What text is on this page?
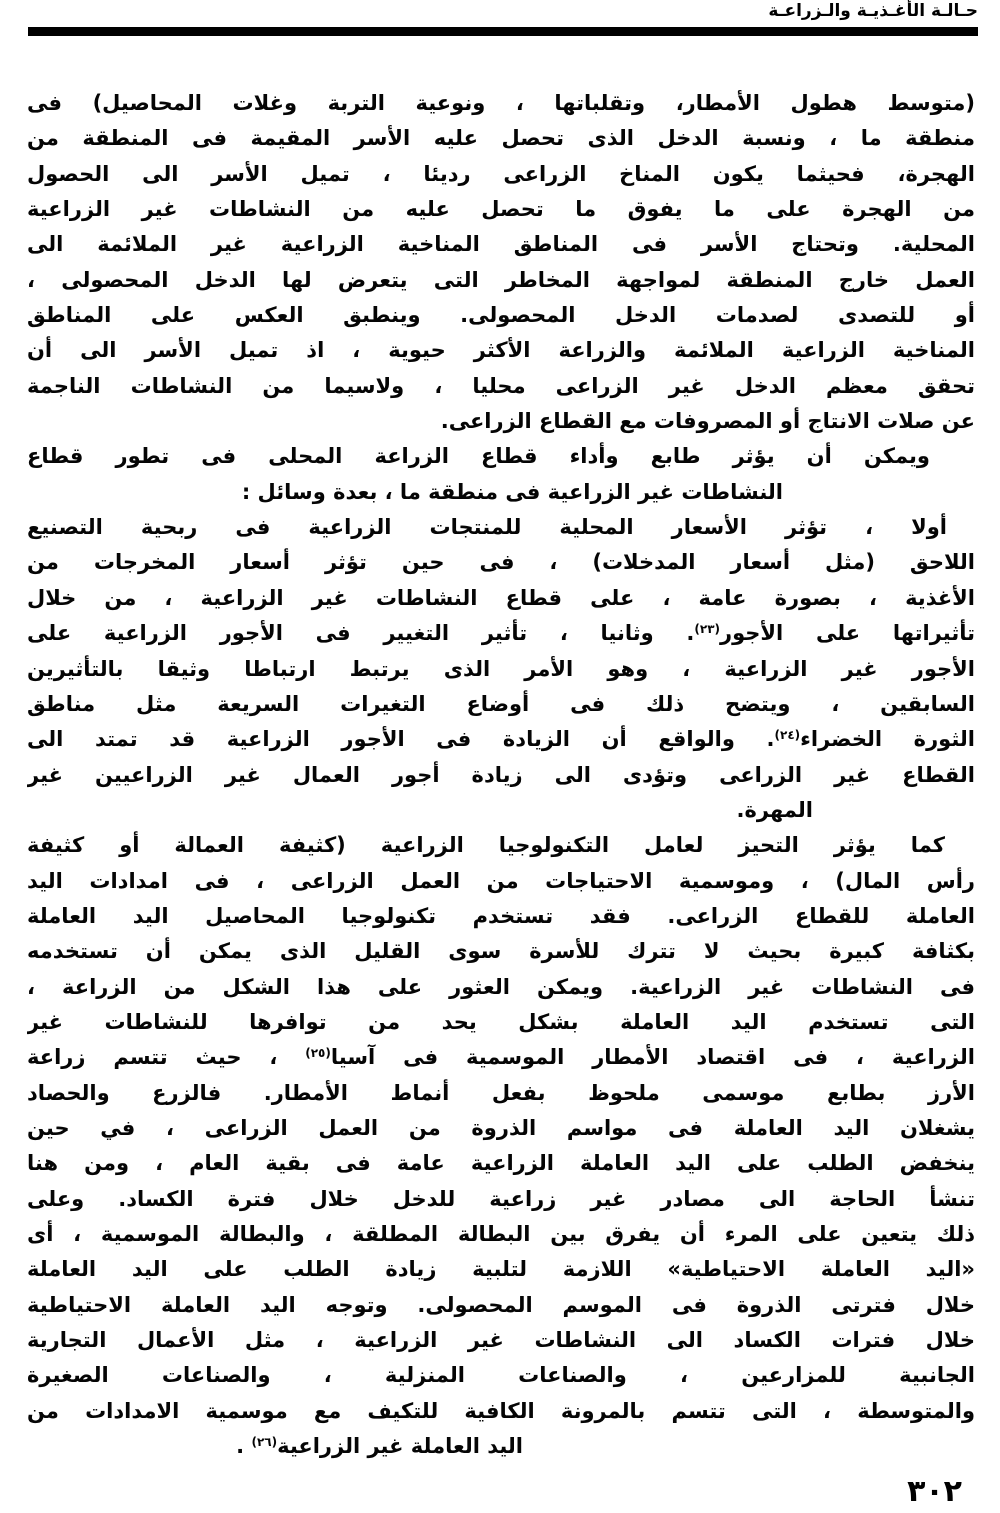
حـالـة الأغـذيـة والـزراعـة
(متوسط هطول الأمطار، وتقلباتها ، ونوعية التربة وغلات المحاصيل) فى
منطقة ما ، ونسبة الدخل الذى تحصل عليه الأسر المقيمة فى المنطقة من
الهجرة، فحيثما يكون المناخ الزراعى رديئا ، تميل الأسر الى الحصول
من الهجرة على ما يفوق ما تحصل عليه من النشاطات غير الزراعية
المحلية. وتحتاج الأسر فى المناطق المناخية الزراعية غير الملائمة الى
العمل خارج المنطقة لمواجهة المخاطر التى يتعرض لها الدخل المحصولى ،
أو للتصدى لصدمات الدخل المحصولى. وينطبق العكس على المناطق
المناخية الزراعية الملائمة والزراعة الأكثر حيوية ، اذ تميل الأسر الى أن
تحقق معظم الدخل غير الزراعى محليا ، ولاسيما من النشاطات الناجمة
عن صلات الانتاج أو المصروفات مع القطاع الزراعى.
ويمكن أن يؤثر طابع وأداء قطاع الزراعة المحلى فى تطور قطاع
النشاطات غير الزراعية فى منطقة ما ، بعدة وسائل :
أولا ، تؤثر الأسعار المحلية للمنتجات الزراعية فى ربحية التصنيع
اللاحق (مثل أسعار المدخلات) ، فى حين تؤثر أسعار المخرجات من
الأغذية ، بصورة عامة ، على قطاع النشاطات غير الزراعية ، من خلال
تأثيراتها على الأجور$^{(٢٣)}$. وثانيا ، تأثير التغيير فى الأجور الزراعية على
الأجور غير الزراعية ، وهو الأمر الذى يرتبط ارتباطا وثيقا بالتأثيرين
السابقين ، ويتضح ذلك فى أوضاع التغيرات السريعة مثل مناطق
الثورة الخضراء$^{(٢٤)}$. والواقع أن الزيادة فى الأجور الزراعية قد تمتد الى
القطاع غير الزراعى وتؤدى الى زيادة أجور العمال غير الزراعيين غير
المهرة.
كما يؤثر التحيز لعامل التكنولوجيا الزراعية (كثيفة العمالة أو كثيفة
رأس المال) ، وموسمية الاحتياجات من العمل الزراعى ، فى امدادات اليد
العاملة للقطاع الزراعى. فقد تستخدم تكنولوجيا المحاصيل اليد العاملة
بكثافة كبيرة بحيث لا تترك للأسرة سوى القليل الذى يمكن أن تستخدمه
فى النشاطات غير الزراعية. ويمكن العثور على هذا الشكل من الزراعة ،
التى تستخدم اليد العاملة بشكل يحد من توافرها للنشاطات غير
الزراعية ، فى اقتصاد الأمطار الموسمية فى آسيا$^{(٢٥)}$ ، حيث تتسم زراعة
الأرز بطابع موسمى ملحوظ بفعل أنماط الأمطار. فالزرع والحصاد
يشغلان اليد العاملة فى مواسم الذروة من العمل الزراعى ، في حين
ينخفض الطلب على اليد العاملة الزراعية عامة فى بقية العام ، ومن هنا
تنشأ الحاجة الى مصادر غير زراعية للدخل خلال فترة الكساد. وعلى
ذلك يتعين على المرء أن يفرق بين البطالة المطلقة ، والبطالة الموسمية ، أى
«اليد العاملة الاحتياطية» اللازمة لتلبية زيادة الطلب على اليد العاملة
خلال فترتى الذروة فى الموسم المحصولى. وتوجه اليد العاملة الاحتياطية
خلال فترات الكساد الى النشاطات غير الزراعية ، مثل الأعمال التجارية
الجانبية للمزارعين ، والصناعات المنزلية ، والصناعات الصغيرة
والمتوسطة ، التى تتسم بالمرونة الكافية للتكيف مع موسمية الامدادات من
اليد العاملة غير الزراعية$^{(٢٦)}$ .
٣٠٢
